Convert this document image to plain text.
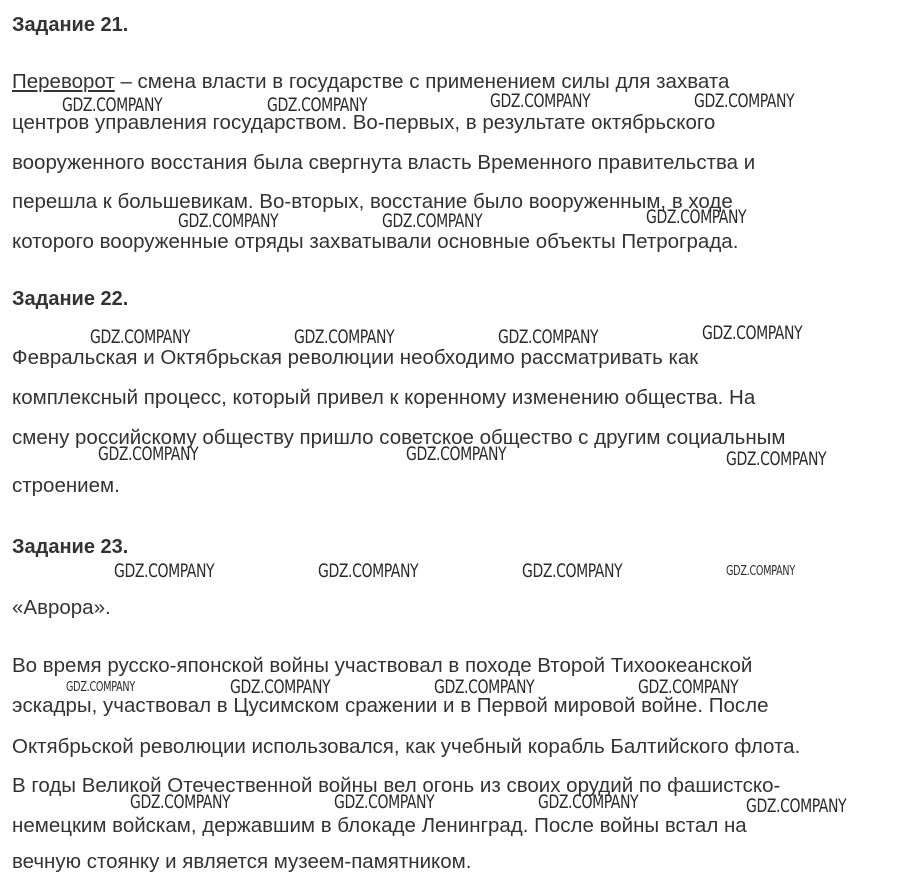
Задание 21.

Переворот – смена власти в государстве с применением силы для захвата

центров управления государством. Во-первых, в результате октябрьского

вооруженного восстания была свергнута власть Временного правительства и

перешла к большевикам. Во-вторых, восстание было вооруженным, в ходе

которого вооруженные отряды захватывали основные объекты Петрограда.

Задание 22.

Февральская и Октябрьская революции необходимо рассматривать как

комплексный процесс, который привел к коренному изменению общества. На

смену российскому обществу пришло советское общество с другим социальным

строением.

Задание 23.

«Аврора».

Во время русско-японской войны участвовал в походе Второй Тихоокеанской

эскадры, участвовал в Цусимском сражении и в Первой мировой войне. После

Октябрьской революции использовался, как учебный корабль Балтийского флота.

В годы Великой Отечественной войны вел огонь из своих орудий по фашистско-

немецким войскам, державшим в блокаде Ленинград. После войны встал на

вечную стоянку и является музеем-памятником.

GDZ.COMPANY	GDZ.COMPANY	GDZ.COMPANY	GDZ.COMPANY
GDZ.COMPANY	GDZ.COMPANY	GDZ.COMPANY
GDZ.COMPANY	GDZ.COMPANY	GDZ.COMPANY	GDZ.COMPANY
GDZ.COMPANY	GDZ.COMPANY	GDZ.COMPANY
GDZ.COMPANY	GDZ.COMPANY	GDZ.COMPANY	GDZ.COMPANY
GDZ.COMPANY	GDZ.COMPANY	GDZ.COMPANY	GDZ.COMPANY
GDZ.COMPANY	GDZ.COMPANY	GDZ.COMPANY	GDZ.COMPANY
